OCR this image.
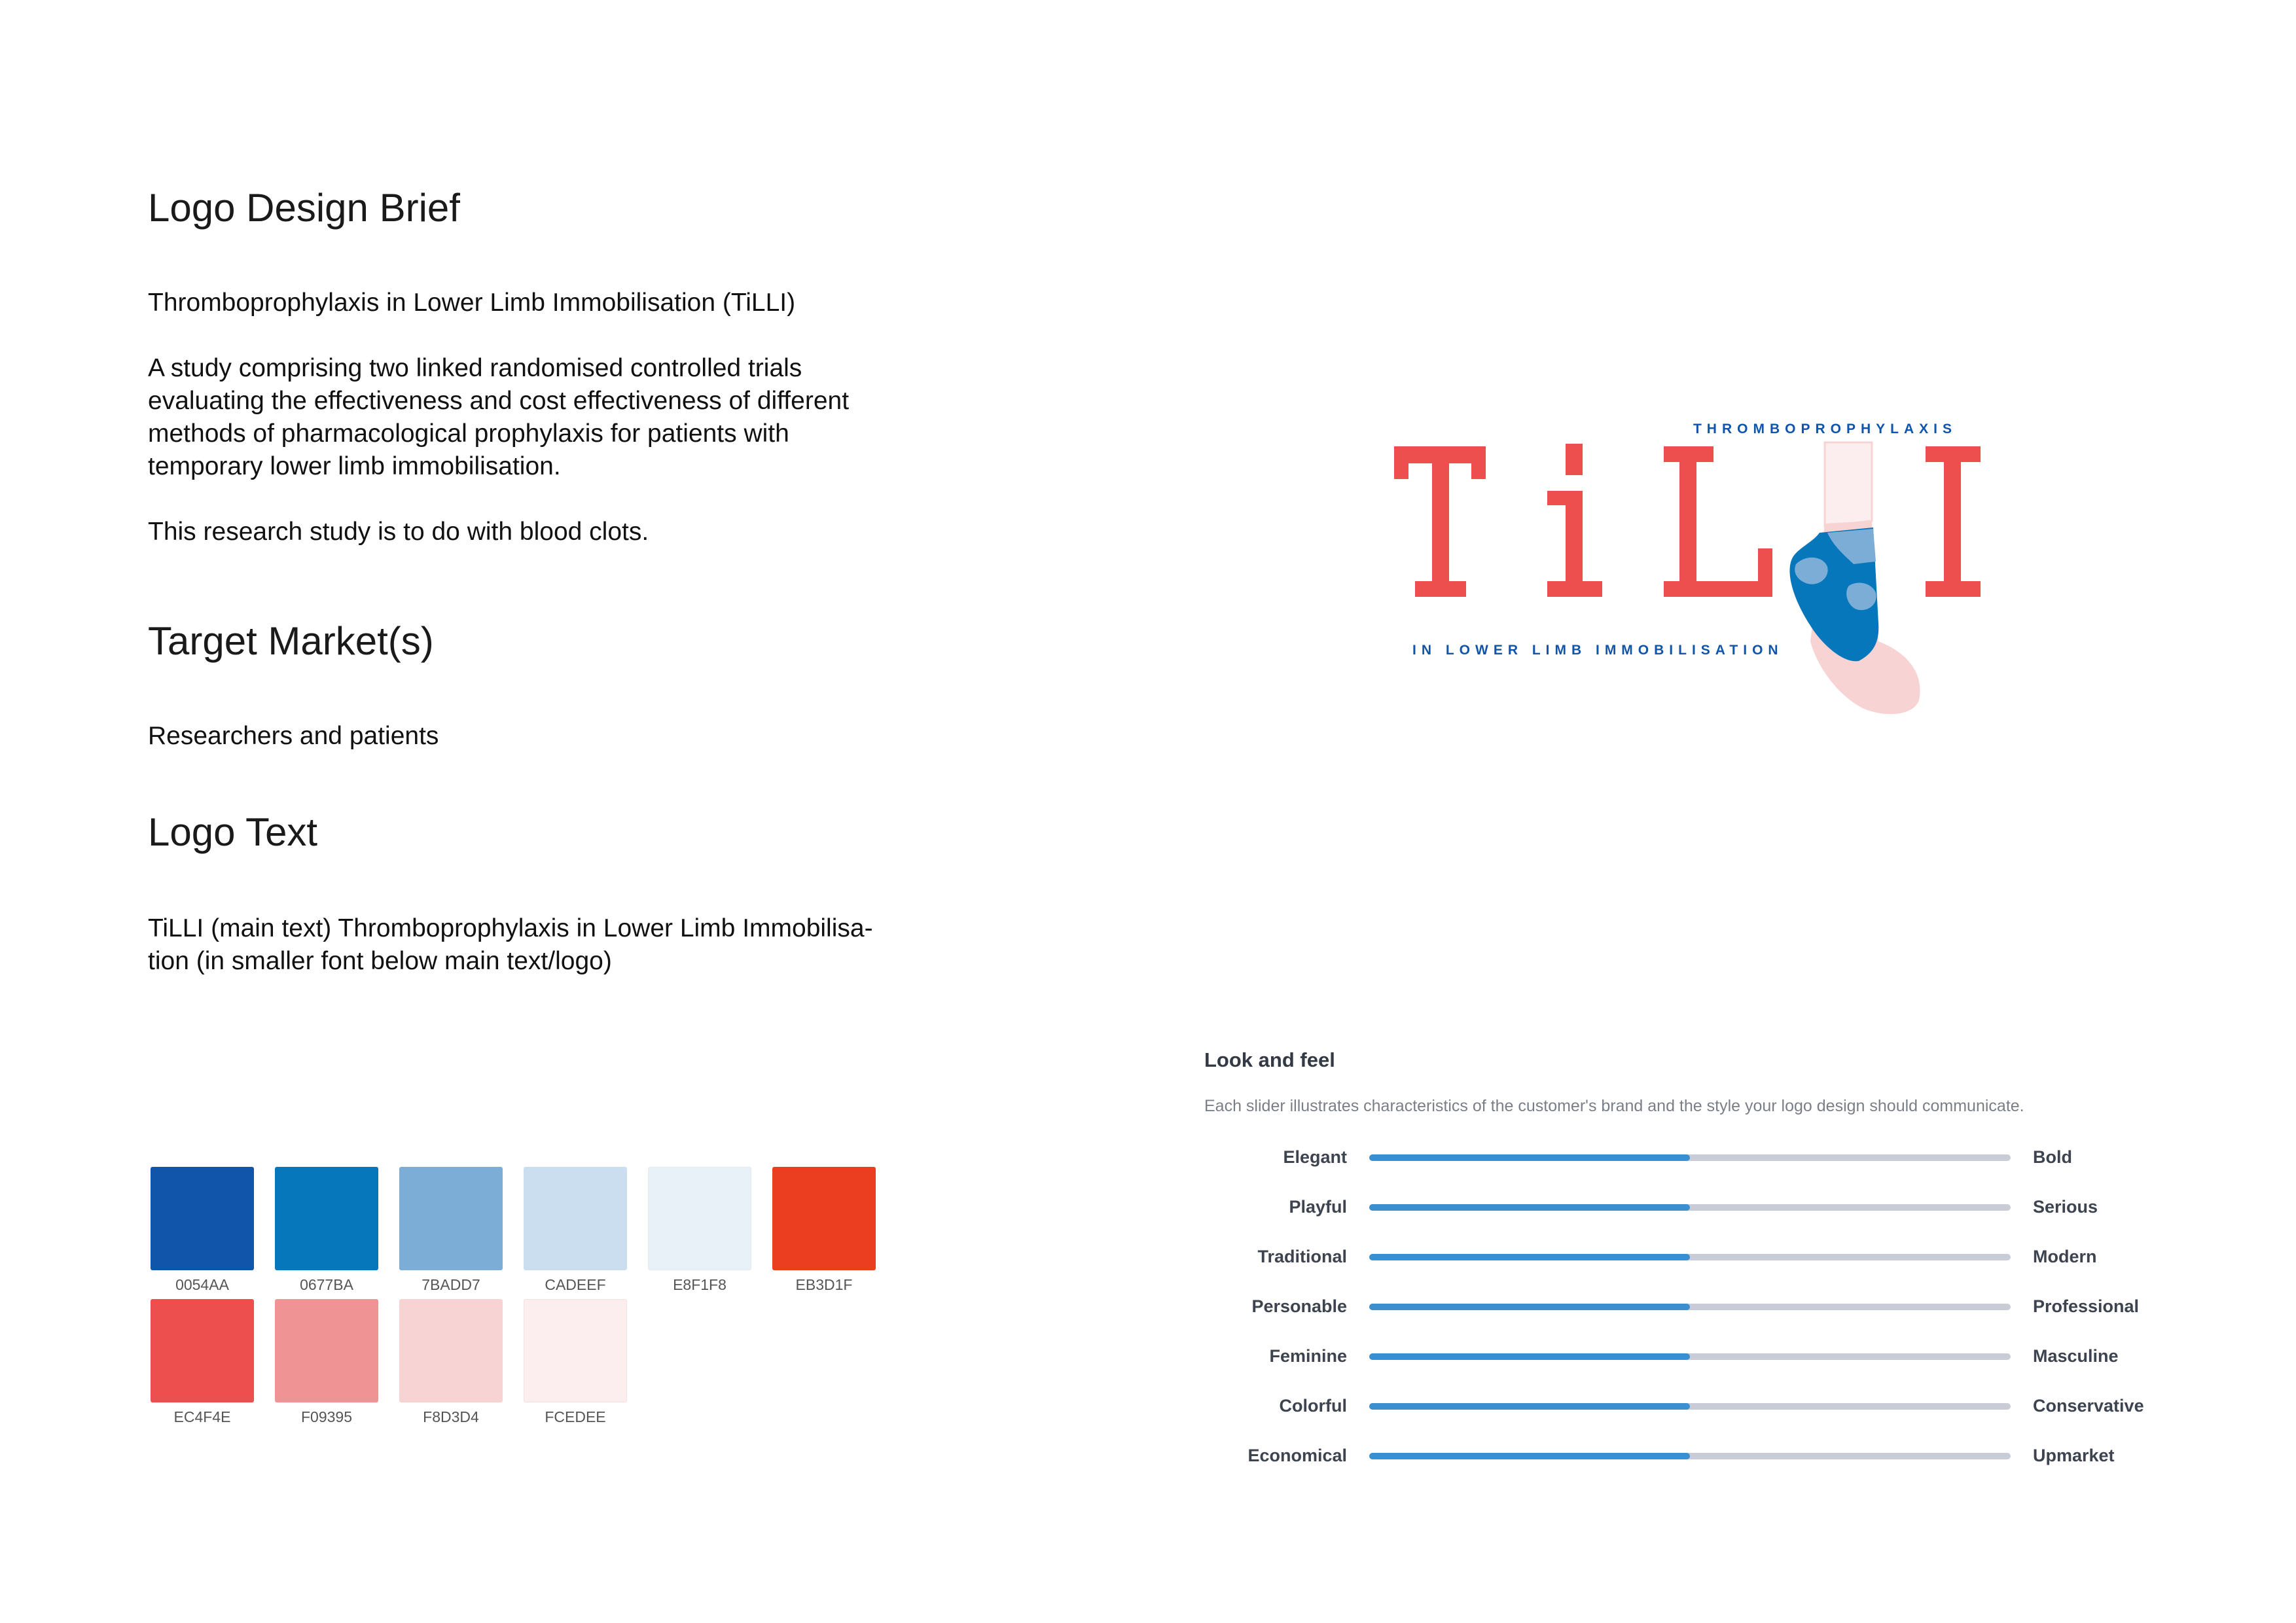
Logo Design Brief
Thromboprophylaxis in Lower Limb Immobilisation (TiLLI)
A study comprising two linked randomised controlled trials
evaluating the effectiveness and cost effectiveness of different
methods of pharmacological prophylaxis for patients with
temporary lower limb immobilisation.
This research study is to do with blood clots.
Target Market(s)
Researchers and patients
Logo Text
TiLLI (main text) Thromboprophylaxis in Lower Limb Immobilisa-
tion (in smaller font below main text/logo)
0054AA	0677BA	7BADD7	CADEEF	E8F1F8	EB3D1F
EC4F4E	F09395	F8D3D4	FCEDEE
THROMBOPROPHYLAXIS
IN LOWER LIMB IMMOBILISATION
Look and feel
Each slider illustrates characteristics of the customer's brand and the style your logo design should communicate.
Elegant	Bold
Playful	Serious
Traditional	Modern
Personable	Professional
Feminine	Masculine
Colorful	Conservative
Economical	Upmarket
